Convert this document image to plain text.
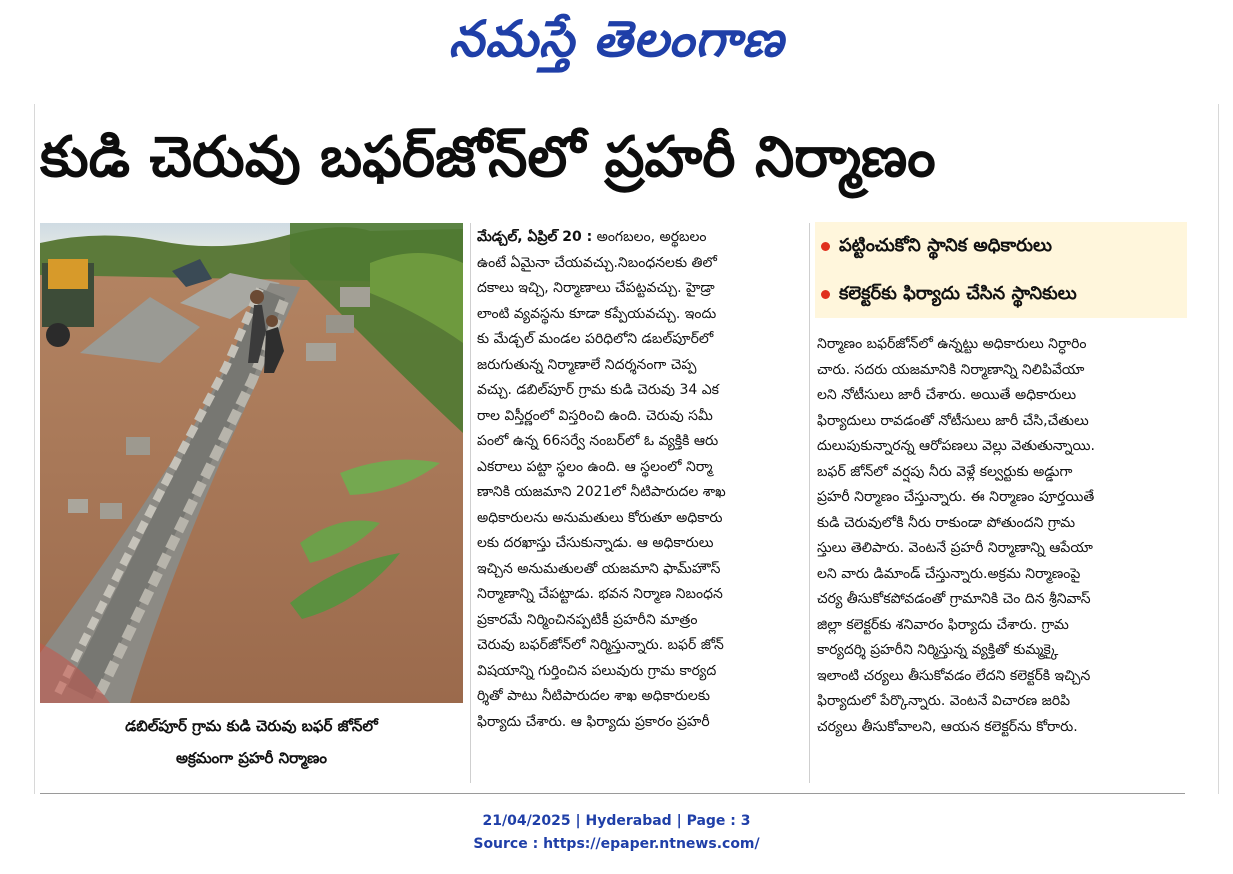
నమస్తే తెలంగాణ
కుడి చెరువు బఫర్‌జోన్‌లో ప్రహరీ నిర్మాణం
డబిల్‌పూర్ గ్రామ కుడి చెరువు బఫర్ జోన్‌లో
అక్రమంగా ప్రహరీ నిర్మాణం

మేడ్చల్, ఏప్రిల్ 20 : అంగబలం, అర్థబలం

ఉంటే ఏమైనా చేయవచ్చు.నిబంధనలకు తిలో

దకాలు ఇచ్చి, నిర్మాణాలు చేపట్టవచ్చు. హైడ్రా

లాంటి వ్యవస్థను కూడా కప్పేయవచ్చు. ఇందు

కు మేడ్చల్ మండల పరిధిలోని డబల్‌పూర్‌లో

జరుగుతున్న నిర్మాణాలే నిదర్శనంగా చెప్ప

వచ్చు. డబిల్‌పూర్ గ్రామ కుడి చెరువు 34 ఎక

రాల విస్తీర్ణంలో విస్తరించి ఉంది. చెరువు సమీ

పంలో ఉన్న 66సర్వే నంబర్‌లో ఓ వ్యక్తికి ఆరు

ఎకరాలు పట్టా స్థలం ఉంది. ఆ స్థలంలో నిర్మా

ణానికి యజమాని 2021లో నీటిపారుదల శాఖ

అధికారులను అనుమతులు కోరుతూ అధికారు

లకు దరఖాస్తు చేసుకున్నాడు. ఆ అధికారులు

ఇచ్చిన అనుమతులతో యజమాని ఫామ్‌హౌస్

నిర్మాణాన్ని చేపట్టాడు. భవన నిర్మాణ నిబంధన

ప్రకారమే నిర్మించినప్పటికీ ప్రహరీని మాత్రం

చెరువు బఫర్‌జోన్‌లో నిర్మిస్తున్నారు. బఫర్ జోన్

విషయాన్ని గుర్తించిన పలువురు గ్రామ కార్యద

ర్శితో పాటు నీటిపారుదల శాఖ అధికారులకు

ఫిర్యాదు చేశారు. ఆ ఫిర్యాదు ప్రకారం ప్రహరీ

పట్టించుకోని స్థానిక అధికారులు
కలెక్టర్‌కు ఫిర్యాదు చేసిన స్థానికులు

నిర్మాణం బఫర్‌జోన్‌లో ఉన్నట్టు అధికారులు నిర్ధారిం

చారు. సదరు యజమానికి నిర్మాణాన్ని నిలిపివేయా

లని నోటీసులు జారీ చేశారు. అయితే అధికారులు

ఫిర్యాదులు రావడంతో నోటీసులు జారీ చేసి,చేతులు

దులుపుకున్నారన్న ఆరోపణలు వెల్లు వెతుతున్నాయి.

బఫర్ జోన్‌లో వర్షపు నీరు వెళ్లే కల్వర్టుకు అడ్డుగా

ప్రహరీ నిర్మాణం చేస్తున్నారు. ఈ నిర్మాణం పూర్తయితే

కుడి చెరువులోకి నీరు రాకుండా పోతుందని గ్రామ

స్తులు తెలిపారు. వెంటనే ప్రహరీ నిర్మాణాన్ని ఆపేయా

లని వారు డిమాండ్ చేస్తున్నారు.అక్రమ నిర్మాణంపై

చర్య తీసుకోకపోవడంతో గ్రామానికి చెం దిన శ్రీనివాస్

జిల్లా కలెక్టర్‌కు శనివారం ఫిర్యాదు చేశారు. గ్రామ

కార్యదర్శి ప్రహరీని నిర్మిస్తున్న వ్యక్తితో కుమ్మక్కై

ఇలాంటి చర్యలు తీసుకోవడం లేదని కలెక్టర్‌కి ఇచ్చిన

ఫిర్యాదులో పేర్కొన్నారు. వెంటనే విచారణ జరిపి

చర్యలు తీసుకోవాలని, ఆయన కలెక్టర్‌ను కోరారు.

21/04/2025 | Hyderabad | Page : 3
Source : https://epaper.ntnews.com/
